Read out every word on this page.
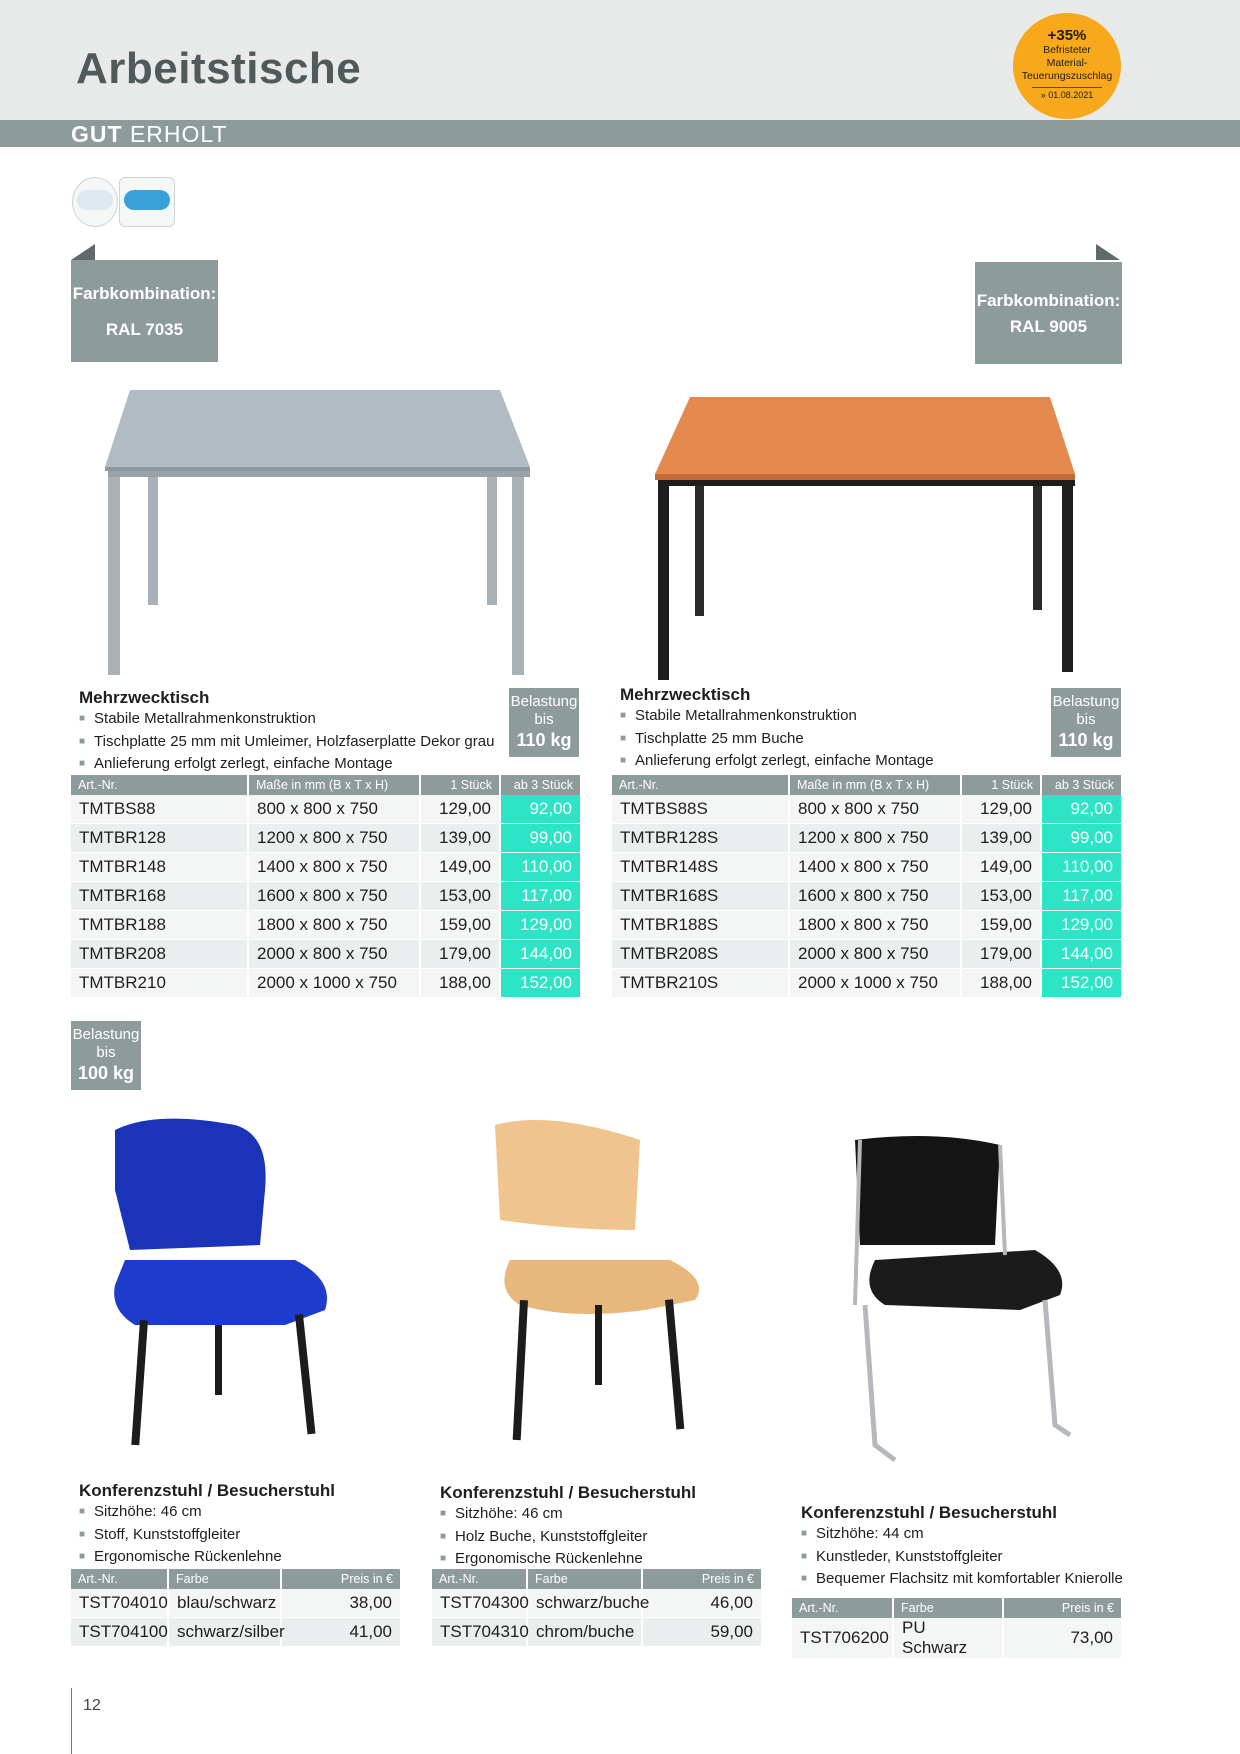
Arbeitstische
+35%
Befristeter
Material-
Teuerungszuschlag
» 01.08.2021
GUT ERHOLT
Farbkombination:
RAL 7035
Farbkombination:
RAL 9005
Mehrzwecktisch
■ Stabile Metallrahmenkonstruktion
■ Tischplatte 25 mm mit Umleimer, Holzfaserplatte Dekor grau
■ Anlieferung erfolgt zerlegt, einfache Montage
Belastung
bis
110 kg
Art.-Nr.	Maße in mm (B x T x H)	1 Stück	ab 3 Stück
TMTBS88	800 x 800 x 750	129,00	92,00
TMTBR128	1200 x 800 x 750	139,00	99,00
TMTBR148	1400 x 800 x 750	149,00	110,00
TMTBR168	1600 x 800 x 750	153,00	117,00
TMTBR188	1800 x 800 x 750	159,00	129,00
TMTBR208	2000 x 800 x 750	179,00	144,00
TMTBR210	2000 x 1000 x 750	188,00	152,00
Mehrzwecktisch
■ Stabile Metallrahmenkonstruktion
■ Tischplatte 25 mm Buche
■ Anlieferung erfolgt zerlegt, einfache Montage
Belastung
bis
110 kg
Art.-Nr.	Maße in mm (B x T x H)	1 Stück	ab 3 Stück
TMTBS88S	800 x 800 x 750	129,00	92,00
TMTBR128S	1200 x 800 x 750	139,00	99,00
TMTBR148S	1400 x 800 x 750	149,00	110,00
TMTBR168S	1600 x 800 x 750	153,00	117,00
TMTBR188S	1800 x 800 x 750	159,00	129,00
TMTBR208S	2000 x 800 x 750	179,00	144,00
TMTBR210S	2000 x 1000 x 750	188,00	152,00
Belastung
bis
100 kg
Konferenzstuhl / Besucherstuhl
■ Sitzhöhe: 46 cm
■ Stoff, Kunststoffgleiter
■ Ergonomische Rückenlehne
Art.-Nr.	Farbe	Preis in €
TST704010	blau/schwarz	38,00
TST704100	schwarz/silber	41,00
Konferenzstuhl / Besucherstuhl
■ Sitzhöhe: 46 cm
■ Holz Buche, Kunststoffgleiter
■ Ergonomische Rückenlehne
Art.-Nr.	Farbe	Preis in €
TST704300	schwarz/buche	46,00
TST704310	chrom/buche	59,00
Konferenzstuhl / Besucherstuhl
■ Sitzhöhe: 44 cm
■ Kunstleder, Kunststoffgleiter
■ Bequemer Flachsitz mit komfortabler Knierolle
Art.-Nr.	Farbe	Preis in €
TST706200	PU Schwarz	73,00
12
